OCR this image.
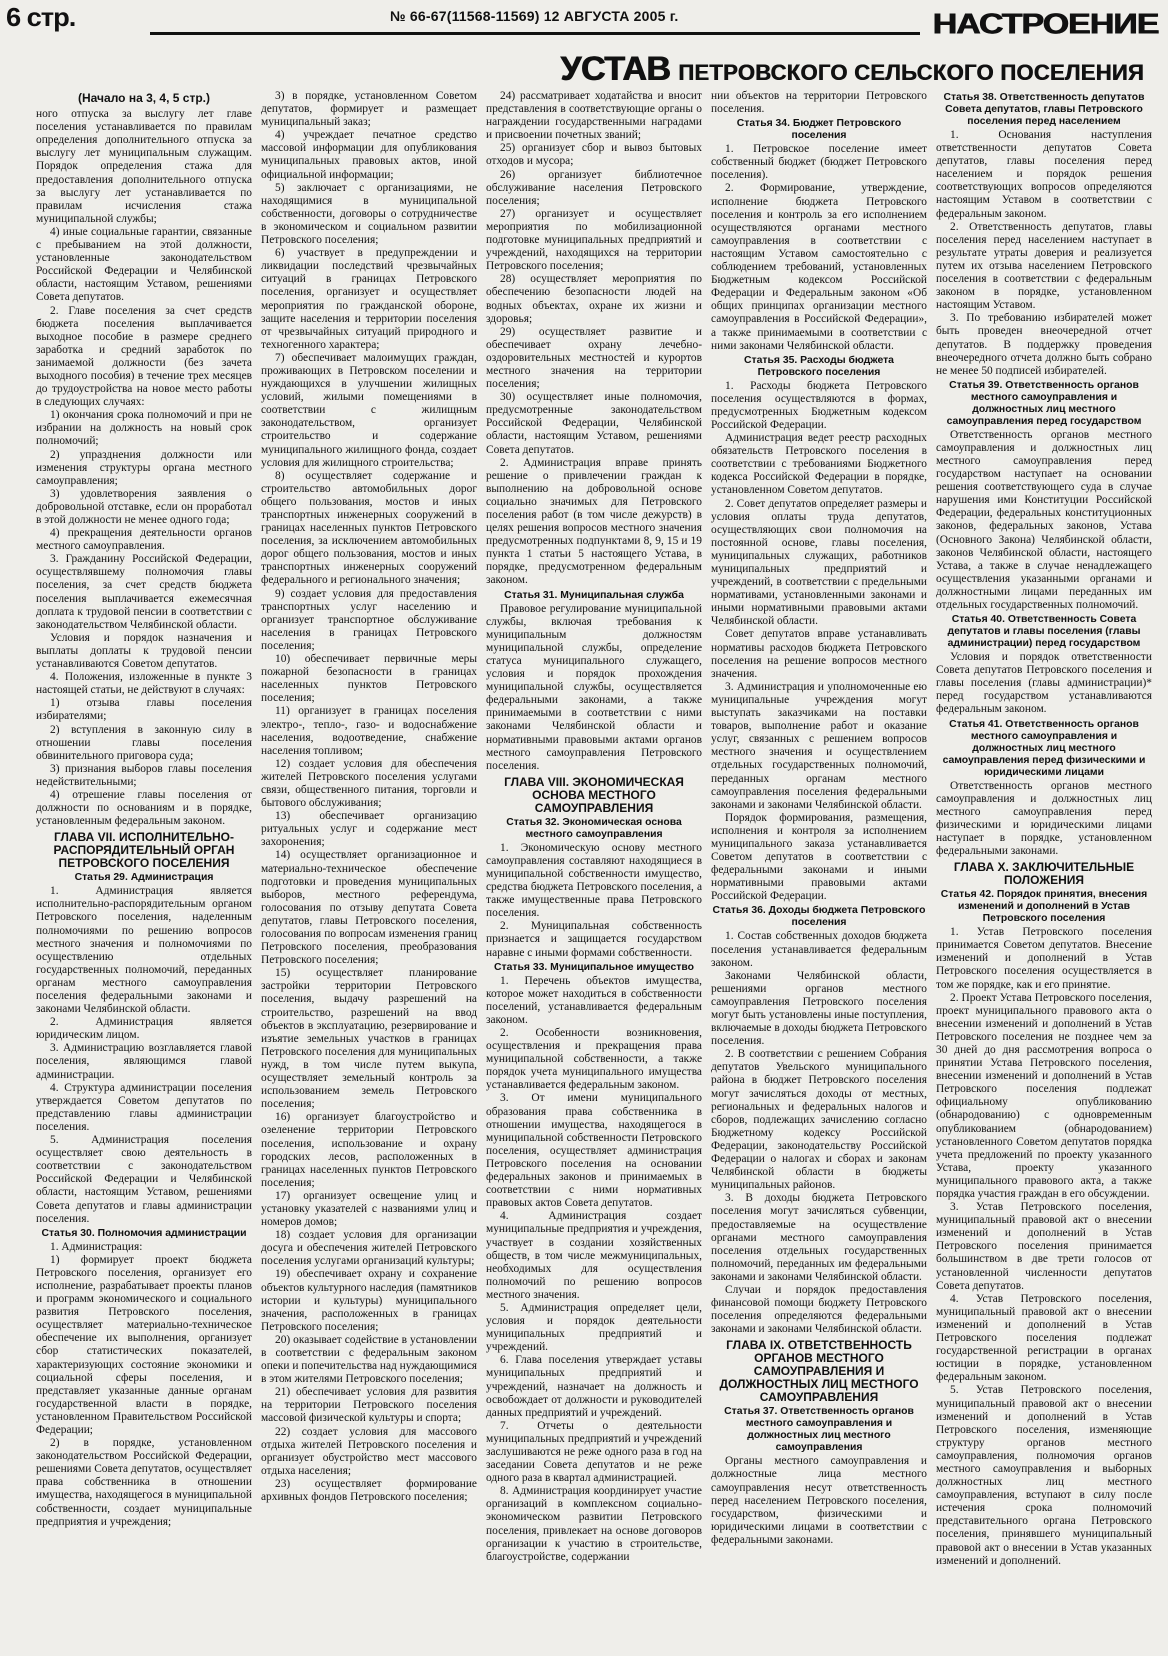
6 стр.	№ 66-67(11568-11569) 12 АВГУСТА 2005 г.	НАСТРОЕНИЕ
УСТАВ ПЕТРОВСКОГО СЕЛЬСКОГО ПОСЕЛЕНИЯ

(Начало на 3, 4, 5 стр.)

ного отпуска за выслугу лет главе поселения устанавливается по правилам определения дополнительного отпуска за выслугу лет муниципальным служащим. Порядок определения стажа для предоставления дополнительного отпуска за выслугу лет устанавливается по правилам исчисления стажа муниципальной службы;

4) иные социальные гарантии, связанные с пребыванием на этой должности, установленные законодательством Российской Федерации и Челябинской области, настоящим Уставом, решениями Совета депутатов.

2. Главе поселения за счет средств бюджета поселения выплачивается выходное пособие в размере среднего заработка и средний заработок по занимаемой должности (без зачета выходного пособия) в течение трех месяцев до трудоустройства на новое место работы в следующих случаях:

1) окончания срока полномочий и при не избрании на должность на новый срок полномочий;

2) упразднения должности или изменения структуры органа местного самоуправления;

3) удовлетворения заявления о добровольной отставке, если он проработал в этой должности не менее одного года;

4) прекращения деятельности органов местного самоуправления.

3. Гражданину Российской Федерации, осуществлявшему полномочия главы поселения, за счет средств бюджета поселения выплачивается ежемесячная доплата к трудовой пенсии в соответствии с законодательством Челябинской области.

Условия и порядок назначения и выплаты доплаты к трудовой пенсии устанавливаются Советом депутатов.

4. Положения, изложенные в пункте 3 настоящей статьи, не действуют в случаях:

1) отзыва главы поселения избирателями;

2) вступления в законную силу в отношении главы поселения обвинительного приговора суда;

3) признания выборов главы поселения недействительными;

4) отрешение главы поселения от должности по основаниям и в порядке, установленным федеральным законом.

ГЛАВА VII. ИСПОЛНИТЕЛЬНО-РАСПОРЯДИТЕЛЬНЫЙ ОРГАН ПЕТРОВСКОГО ПОСЕЛЕНИЯ
Статья 29. Администрация

1. Администрация является исполнительно-распорядительным органом Петровского поселения, наделенным полномочиями по решению вопросов местного значения и полномочиями по осуществлению отдельных государственных полномочий, переданных органам местного самоуправления поселения федеральными законами и законами Челябинской области.

2. Администрация является юридическим лицом.

3. Администрацию возглавляется главой поселения, являющимся главой администрации.

4. Структура администрации поселения утверждается Советом депутатов по представлению главы администрации поселения.

5. Администрация поселения осуществляет свою деятельность в соответствии с законодательством Российской Федерации и Челябинской области, настоящим Уставом, решениями Совета депутатов и главы администрации поселения.

Статья 30. Полномочия администрации

1. Администрация:

1) формирует проект бюджета Петровского поселения, организует его исполнение, разрабатывает проекты планов и программ экономического и социального развития Петровского поселения, осуществляет материально-техническое обеспечение их выполнения, организует сбор статистических показателей, характеризующих состояние экономики и социальной сферы поселения, и представляет указанные данные органам государственной власти в порядке, установленном Правительством Российской Федерации;

2) в порядке, установленном законодательством Российской Федерации, решениями Совета депутатов, осуществляет права собственника в отношении имущества, находящегося в муниципальной собственности, создает муниципальные предприятия и учреждения;

3) в порядке, установленном Советом депутатов, формирует и размещает муниципальный заказ;

4) учреждает печатное средство массовой информации для опубликования муниципальных правовых актов, иной официальной информации;

5) заключает с организациями, не находящимися в муниципальной собственности, договоры о сотрудничестве в экономическом и социальном развитии Петровского поселения;

6) участвует в предупреждении и ликвидации последствий чрезвычайных ситуаций в границах Петровского поселения, организует и осуществляет мероприятия по гражданской обороне, защите населения и территории поселения от чрезвычайных ситуаций природного и техногенного характера;

7) обеспечивает малоимущих граждан, проживающих в Петровском поселении и нуждающихся в улучшении жилищных условий, жилыми помещениями в соответствии с жилищным законодательством, организует строительство и содержание муниципального жилищного фонда, создает условия для жилищного строительства;

8) осуществляет содержание и строительство автомобильных дорог общего пользования, мостов и иных транспортных инженерных сооружений в границах населенных пунктов Петровского поселения, за исключением автомобильных дорог общего пользования, мостов и иных транспортных инженерных сооружений федерального и регионального значения;

9) создает условия для предоставления транспортных услуг населению и организует транспортное обслуживание населения в границах Петровского поселения;

10) обеспечивает первичные меры пожарной безопасности в границах населенных пунктов Петровского поселения;

11) организует в границах поселения электро-, тепло-, газо- и водоснабжение населения, водоотведение, снабжение населения топливом;

12) создает условия для обеспечения жителей Петровского поселения услугами связи, общественного питания, торговли и бытового обслуживания;

13) обеспечивает организацию ритуальных услуг и содержание мест захоронения;

14) осуществляет организационное и материально-техническое обеспечение подготовки и проведения муниципальных выборов, местного референдума, голосования по отзыву депутата Совета депутатов, главы Петровского поселения, голосования по вопросам изменения границ Петровского поселения, преобразования Петровского поселения;

15) осуществляет планирование застройки территории Петровского поселения, выдачу разрешений на строительство, разрешений на ввод объектов в эксплуатацию, резервирование и изъятие земельных участков в границах Петровского поселения для муниципальных нужд, в том числе путем выкупа, осуществляет земельный контроль за использованием земель Петровского поселения;

16) организует благоустройство и озеленение территории Петровского поселения, использование и охрану городских лесов, расположенных в границах населенных пунктов Петровского поселения;

17) организует освещение улиц и установку указателей с названиями улиц и номеров домов;

18) создает условия для организации досуга и обеспечения жителей Петровского поселения услугами организаций культуры;

19) обеспечивает охрану и сохранение объектов культурного наследия (памятников истории и культуры) муниципального значения, расположенных в границах Петровского поселения;

20) оказывает содействие в установлении в соответствии с федеральным законом опеки и попечительства над нуждающимися в этом жителями Петровского поселения;

21) обеспечивает условия для развития на территории Петровского поселения массовой физической культуры и спорта;

22) создает условия для массового отдыха жителей Петровского поселения и организует обустройство мест массового отдыха населения;

23) осуществляет формирование архивных фондов Петровского поселения;

24) рассматривает ходатайства и вносит представления в соответствующие органы о награждении государственными наградами и присвоении почетных званий;

25) организует сбор и вывоз бытовых отходов и мусора;

26) организует библиотечное обслуживание населения Петровского поселения;

27) организует и осуществляет мероприятия по мобилизационной подготовке муниципальных предприятий и учреждений, находящихся на территории Петровского поселения;

28) осуществляет мероприятия по обеспечению безопасности людей на водных объектах, охране их жизни и здоровья;

29) осуществляет развитие и обеспечивает охрану лечебно-оздоровительных местностей и курортов местного значения на территории поселения;

30) осуществляет иные полномочия, предусмотренные законодательством Российской Федерации, Челябинской области, настоящим Уставом, решениями Совета депутатов.

2. Администрация вправе принять решение о привлечении граждан к выполнению на добровольной основе социально значимых для Петровского поселения работ (в том числе дежурств) в целях решения вопросов местного значения предусмотренных подпунктами 8, 9, 15 и 19 пункта 1 статьи 5 настоящего Устава, в порядке, предусмотренном федеральным законом.

Статья 31. Муниципальная служба

Правовое регулирование муниципальной службы, включая требования к муниципальным должностям муниципальной службы, определение статуса муниципального служащего, условия и порядок прохождения муниципальной службы, осуществляется федеральными законами, а также принимаемыми в соответствии с ними законами Челябинской области и нормативными правовыми актами органов местного самоуправления Петровского поселения.

ГЛАВА VIII. ЭКОНОМИЧЕСКАЯ ОСНОВА МЕСТНОГО САМОУПРАВЛЕНИЯ
Статья 32. Экономическая основа местного самоуправления

1. Экономическую основу местного самоуправления составляют находящиеся в муниципальной собственности имущество, средства бюджета Петровского поселения, а также имущественные права Петровского поселения.

2. Муниципальная собственность признается и защищается государством наравне с иными формами собственности.

Статья 33. Муниципальное имущество

1. Перечень объектов имущества, которое может находиться в собственности поселений, устанавливается федеральным законом.

2. Особенности возникновения, осуществления и прекращения права муниципальной собственности, а также порядок учета муниципального имущества устанавливается федеральным законом.

3. От имени муниципального образования права собственника в отношении имущества, находящегося в муниципальной собственности Петровского поселения, осуществляет администрация Петровского поселения на основании федеральных законов и принимаемых в соответствии с ними нормативных правовых актов Совета депутатов.

4. Администрация создает муниципальные предприятия и учреждения, участвует в создании хозяйственных обществ, в том числе межмуниципальных, необходимых для осуществления полномочий по решению вопросов местного значения.

5. Администрация определяет цели, условия и порядок деятельности муниципальных предприятий и учреждений.

6. Глава поселения утверждает уставы муниципальных предприятий и учреждений, назначает на должность и освобождает от должности и руководителей данных предприятий и учреждений.

7. Отчеты о деятельности муниципальных предприятий и учреждений заслушиваются не реже одного раза в год на заседании Совета депутатов и не реже одного раза в квартал администрацией.

8. Администрация координирует участие организаций в комплексном социально-экономическом развитии Петровского поселения, привлекает на основе договоров организации к участию в строительстве, благоустройстве, содержании

нии объектов на территории Петровского поселения.

Статья 34. Бюджет Петровского поселения

1. Петровское поселение имеет собственный бюджет (бюджет Петровского поселения).

2. Формирование, утверждение, исполнение бюджета Петровского поселения и контроль за его исполнением осуществляются органами местного самоуправления в соответствии с настоящим Уставом самостоятельно с соблюдением требований, установленных Бюджетным кодексом Российской Федерации и Федеральным законом «Об общих принципах организации местного самоуправления в Российской Федерации», а также принимаемыми в соответствии с ними законами Челябинской области.

Статья 35. Расходы бюджета Петровского поселения

1. Расходы бюджета Петровского поселения осуществляются в формах, предусмотренных Бюджетным кодексом Российской Федерации.

Администрация ведет реестр расходных обязательств Петровского поселения в соответствии с требованиями Бюджетного кодекса Российской Федерации в порядке, установленном Советом депутатов.

2. Совет депутатов определяет размеры и условия оплаты труда депутатов, осуществляющих свои полномочия на постоянной основе, главы поселения, муниципальных служащих, работников муниципальных предприятий и учреждений, в соответствии с предельными нормативами, установленными законами и иными нормативными правовыми актами Челябинской области.

Совет депутатов вправе устанавливать нормативы расходов бюджета Петровского поселения на решение вопросов местного значения.

3. Администрация и уполномоченные ею муниципальные учреждения могут выступать заказчиками на поставки товаров, выполнение работ и оказание услуг, связанных с решением вопросов местного значения и осуществлением отдельных государственных полномочий, переданных органам местного самоуправления поселения федеральными законами и законами Челябинской области.

Порядок формирования, размещения, исполнения и контроля за исполнением муниципального заказа устанавливается Советом депутатов в соответствии с федеральными законами и иными нормативными правовыми актами Российской Федерации.

Статья 36. Доходы бюджета Петровского поселения

1. Состав собственных доходов бюджета поселения устанавливается федеральным законом.

Законами Челябинской области, решениями органов местного самоуправления Петровского поселения могут быть установлены иные поступления, включаемые в доходы бюджета Петровского поселения.

2. В соответствии с решением Собрания депутатов Увельского муниципального района в бюджет Петровского поселения могут зачисляться доходы от местных, региональных и федеральных налогов и сборов, подлежащих зачислению согласно Бюджетному кодексу Российской Федерации, законодательству Российской Федерации о налогах и сборах и законам Челябинской области в бюджеты муниципальных районов.

3. В доходы бюджета Петровского поселения могут зачисляться субвенции, предоставляемые на осуществление органами местного самоуправления поселения отдельных государственных полномочий, переданных им федеральными законами и законами Челябинской области.

Случаи и порядок предоставления финансовой помощи бюджету Петровского поселения определяются федеральными законами и законами Челябинской области.

ГЛАВА IX. ОТВЕТСТВЕННОСТЬ ОРГАНОВ МЕСТНОГО САМОУПРАВЛЕНИЯ И ДОЛЖНОСТНЫХ ЛИЦ МЕСТНОГО САМОУПРАВЛЕНИЯ
Статья 37. Ответственность органов местного самоуправления и должностных лиц местного самоуправления

Органы местного самоуправления и должностные лица местного самоуправления несут ответственность перед населением Петровского поселения, государством, физическими и юридическими лицами в соответствии с федеральными законами.

Статья 38. Ответственность депутатов Совета депутатов, главы Петровского поселения перед населением

1. Основания наступления ответственности депутатов Совета депутатов, главы поселения перед населением и порядок решения соответствующих вопросов определяются настоящим Уставом в соответствии с федеральным законом.

2. Ответственность депутатов, главы поселения перед населением наступает в результате утраты доверия и реализуется путем их отзыва населением Петровского поселения в соответствии с федеральным законом в порядке, установленном настоящим Уставом.

3. По требованию избирателей может быть проведен внеочередной отчет депутатов. В поддержку проведения внеочередного отчета должно быть собрано не менее 50 подписей избирателей.

Статья 39. Ответственность органов местного самоуправления и должностных лиц местного самоуправления перед государством

Ответственность органов местного самоуправления и должностных лиц местного самоуправления перед государством наступает на основании решения соответствующего суда в случае нарушения ими Конституции Российской Федерации, федеральных конституционных законов, федеральных законов, Устава (Основного Закона) Челябинской области, законов Челябинской области, настоящего Устава, а также в случае ненадлежащего осуществления указанными органами и должностными лицами переданных им отдельных государственных полномочий.

Статья 40. Ответственность Совета депутатов и главы поселения (главы администрации) перед государством

Условия и порядок ответственности Совета депутатов Петровского поселения и главы поселения (главы администрации)* перед государством устанавливаются федеральным законом.

Статья 41. Ответственность органов местного самоуправления и должностных лиц местного самоуправления перед физическими и юридическими лицами

Ответственность органов местного самоуправления и должностных лиц местного самоуправления перед физическими и юридическими лицами наступает в порядке, установленном федеральными законами.

ГЛАВА X. ЗАКЛЮЧИТЕЛЬНЫЕ ПОЛОЖЕНИЯ
Статья 42. Порядок принятия, внесения изменений и дополнений в Устав Петровского поселения

1. Устав Петровского поселения принимается Советом депутатов. Внесение изменений и дополнений в Устав Петровского поселения осуществляется в том же порядке, как и его принятие.

2. Проект Устава Петровского поселения, проект муниципального правового акта о внесении изменений и дополнений в Устав Петровского поселения не позднее чем за 30 дней до дня рассмотрения вопроса о принятии Устава Петровского поселения, внесении изменений и дополнений в Устав Петровского поселения подлежат официальному опубликованию (обнародованию) с одновременным опубликованием (обнародованием) установленного Советом депутатов порядка учета предложений по проекту указанного Устава, проекту указанного муниципального правового акта, а также порядка участия граждан в его обсуждении.

3. Устав Петровского поселения, муниципальный правовой акт о внесении изменений и дополнений в Устав Петровского поселения принимается большинством в две трети голосов от установленной численности депутатов Совета депутатов.

4. Устав Петровского поселения, муниципальный правовой акт о внесении изменений и дополнений в Устав Петровского поселения подлежат государственной регистрации в органах юстиции в порядке, установленном федеральным законом.

5. Устав Петровского поселения, муниципальный правовой акт о внесении изменений и дополнений в Устав Петровского поселения, изменяющие структуру органов местного самоуправления, полномочия органов местного самоуправления и выборных должностных лиц местного самоуправления, вступают в силу после истечения срока полномочий представительного органа Петровского поселения, принявшего муниципальный правовой акт о внесении в Устав указанных изменений и дополнений.
